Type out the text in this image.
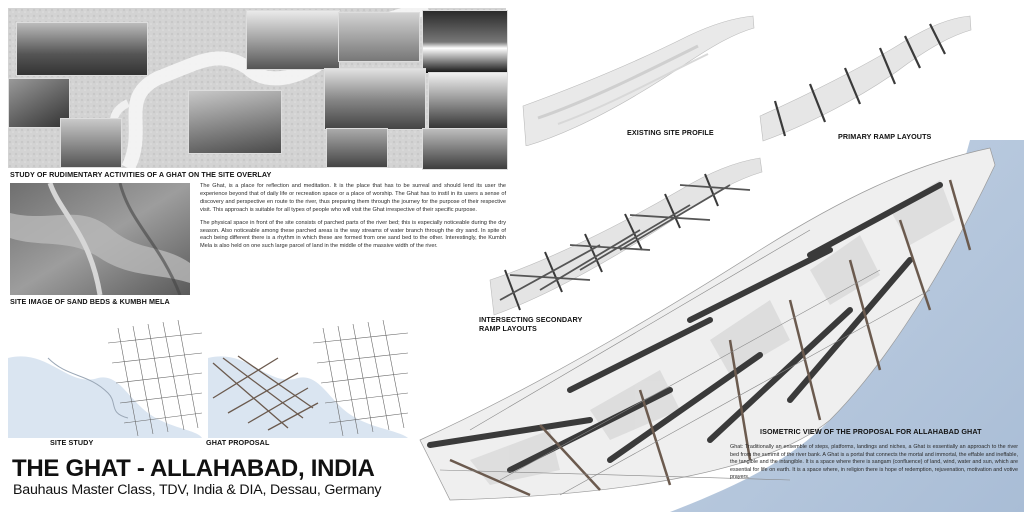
STUDY OF RUDIMENTARY ACTIVITIES OF A GHAT ON THE SITE OVERLAY
SITE IMAGE OF SAND BEDS & KUMBH MELA

The Ghat, is a place for reflection and meditation. It is the place that has to be surreal and should lend its user the experience beyond that of daily life or recreation space or a place of worship. The Ghat has to instil in its users a sense of discovery and perspective en route to the river, thus preparing them through the journey for the purpose of their respective visit. This approach is suitable for all types of people who will visit the Ghat irrespective of their specific purpose.

The physical space in front of the site consists of parched parts of the river bed; this is especially noticeable during the dry season. Also noticeable among these parched areas is the way streams of water branch through the dry sand. In spite of each being different there is a rhythm in which these are formed from one sand bed to the other. Interestingly, the Kumbh Mela is also held on one such large parcel of land in the middle of the massive width of the river.

SITE STUDY	GHAT PROPOSAL
THE GHAT - ALLAHABAD, INDIA
Bauhaus Master Class, TDV, India & DIA, Dessau, Germany
EXISTING SITE PROFILE	PRIMARY RAMP LAYOUTS
INTERSECTING SECONDARY
RAMP LAYOUTS
ISOMETRIC VIEW OF THE PROPOSAL FOR ALLAHABAD GHAT

Ghat: Traditionally an ensemble of steps, platforms, landings and niches, a Ghat is essentially an approach to the river bed from the summit of the river bank. A Ghat is a portal that connects the mortal and immortal, the effable and ineffable, the tangible and the intangible. It is a space where there is sangam (confluence) of land, wind, water and sun, which are essential for life on earth. It is a space where, in religion there is hope of redemption, rejuvenation, motivation and votive prayers.
